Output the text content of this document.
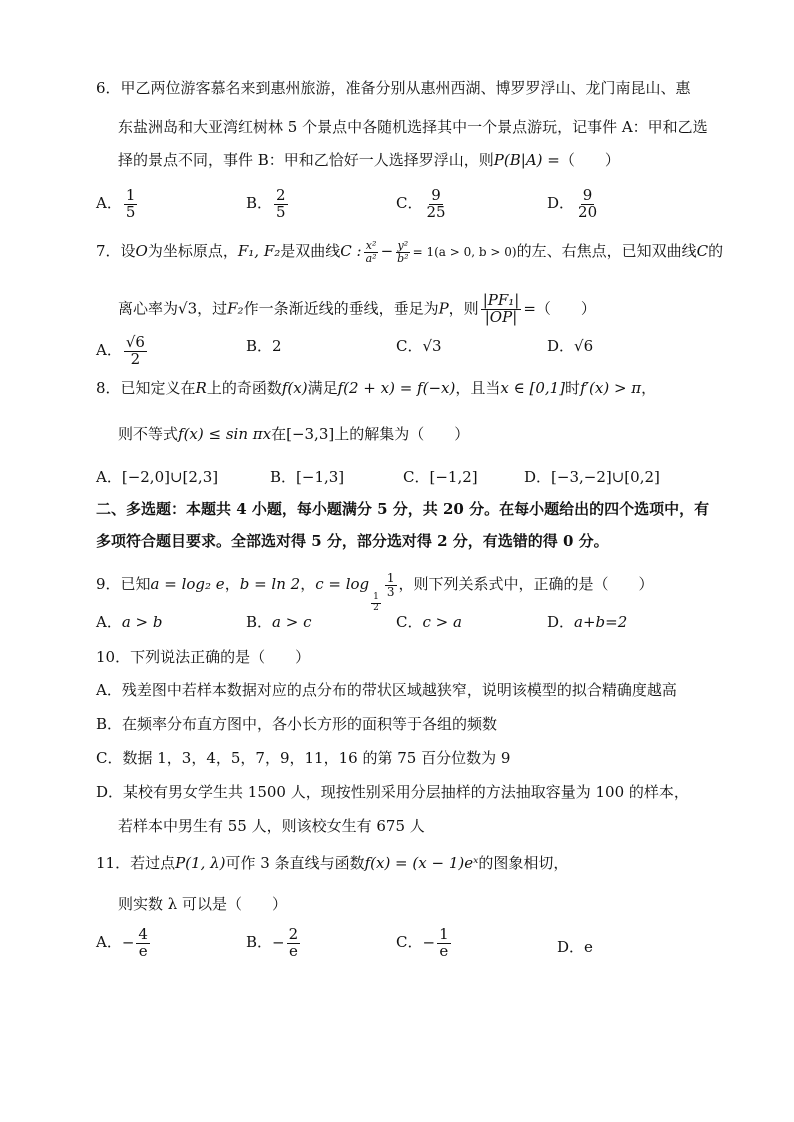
6．甲乙两位游客慕名来到惠州旅游，准备分别从惠州西湖、博罗罗浮山、龙门南昆山、惠
东盐洲岛和大亚湾红树林 5 个景点中各随机选择其中一个景点游玩，记事件 A：甲和乙选
择的景点不同，事件 B：甲和乙恰好一人选择罗浮山，则P(B|A) =（　　）
A． $\frac{1}{5}$	B． $\frac{2}{5}$	C． $\frac{9}{25}$	D． $\frac{9}{20}$
7．设O为坐标原点，F₁, F₂是双曲线C : $\frac{\text{x²}}{\text{a²}} - \frac{\text{y²}}{\text{b²}} = 1(a > 0$, b > 0)的左、右焦点，已知双曲线C的
离心率为√3，过F₂作一条渐近线的垂线，垂足为P，则 $\frac{\text{|PF₁|}}{|OP|}$ =（　　）
A． $\frac{√6}{2}$	B．2	C．√3	D．√6
8．已知定义在R上的奇函数f(x)满足f(2 + x) = f(−x)，且当x ∈ [0,1]时f′(x) > π，
则不等式f(x) ≤ sin πx在[−3,3]上的解集为（　　）
A．[−2,0]∪[2,3]	B．[−1,3]	C．[−1,2]	D．[−3,−2]∪[0,2]
二、多选题：本题共 4 小题，每小题满分 5 分，共 20 分。在每小题给出的四个选项中，有
多项符合题目要求。全部选对得 5 分，部分选对得 2 分，有选错的得 0 分。
9．已知a = log₂ e，b = ln 2，c = log
$\frac{1}{2}$
$\frac{1}{3}$ ，则下列关系式中，正确的是（　　）
A．a > b	B．a > c	C．c > a	D．a+b=2
10．下列说法正确的是（　　）
A．残差图中若样本数据对应的点分布的带状区域越狭窄，说明该模型的拟合精确度越高
B．在频率分布直方图中，各小长方形的面积等于各组的频数
C．数据 1，3，4，5，7，9，11，16 的第 75 百分位数为 9
D．某校有男女学生共 1500 人，现按性别采用分层抽样的方法抽取容量为 100 的样本，
若样本中男生有 55 人，则该校女生有 675 人
11．若过点P(1, λ)可作 3 条直线与函数f(x) = (x − 1)eˣ的图象相切，
则实数 λ 可以是（　　）
A．− $\frac{4}{e}$	B．− $\frac{2}{e}$	C．− $\frac{1}{e}$	D．e
